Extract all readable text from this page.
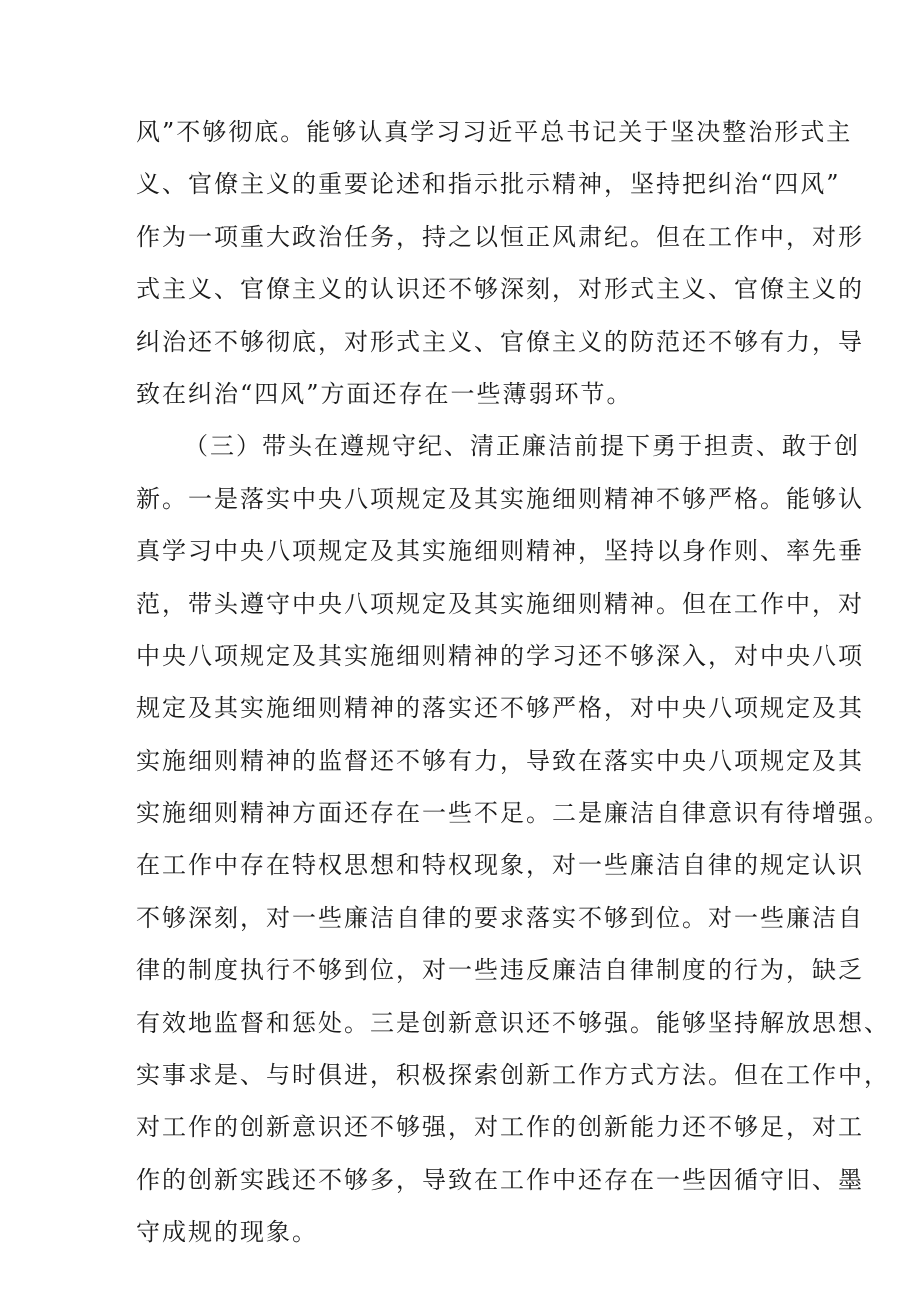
风”不够彻底。能够认真学习习近平总书记关于坚决整治形式主
义、官僚主义的重要论述和指示批示精神，坚持把纠治“四风”
作为一项重大政治任务，持之以恒正风肃纪。但在工作中，对形
式主义、官僚主义的认识还不够深刻，对形式主义、官僚主义的
纠治还不够彻底，对形式主义、官僚主义的防范还不够有力，导
致在纠治“四风”方面还存在一些薄弱环节。
（三）带头在遵规守纪、清正廉洁前提下勇于担责、敢于创
新。一是落实中央八项规定及其实施细则精神不够严格。能够认
真学习中央八项规定及其实施细则精神，坚持以身作则、率先垂
范，带头遵守中央八项规定及其实施细则精神。但在工作中，对
中央八项规定及其实施细则精神的学习还不够深入，对中央八项
规定及其实施细则精神的落实还不够严格，对中央八项规定及其
实施细则精神的监督还不够有力，导致在落实中央八项规定及其
实施细则精神方面还存在一些不足。二是廉洁自律意识有待增强。
在工作中存在特权思想和特权现象，对一些廉洁自律的规定认识
不够深刻，对一些廉洁自律的要求落实不够到位。对一些廉洁自
律的制度执行不够到位，对一些违反廉洁自律制度的行为，缺乏
有效地监督和惩处。三是创新意识还不够强。能够坚持解放思想、
实事求是、与时俱进，积极探索创新工作方式方法。但在工作中，
对工作的创新意识还不够强，对工作的创新能力还不够足，对工
作的创新实践还不够多，导致在工作中还存在一些因循守旧、墨
守成规的现象。
